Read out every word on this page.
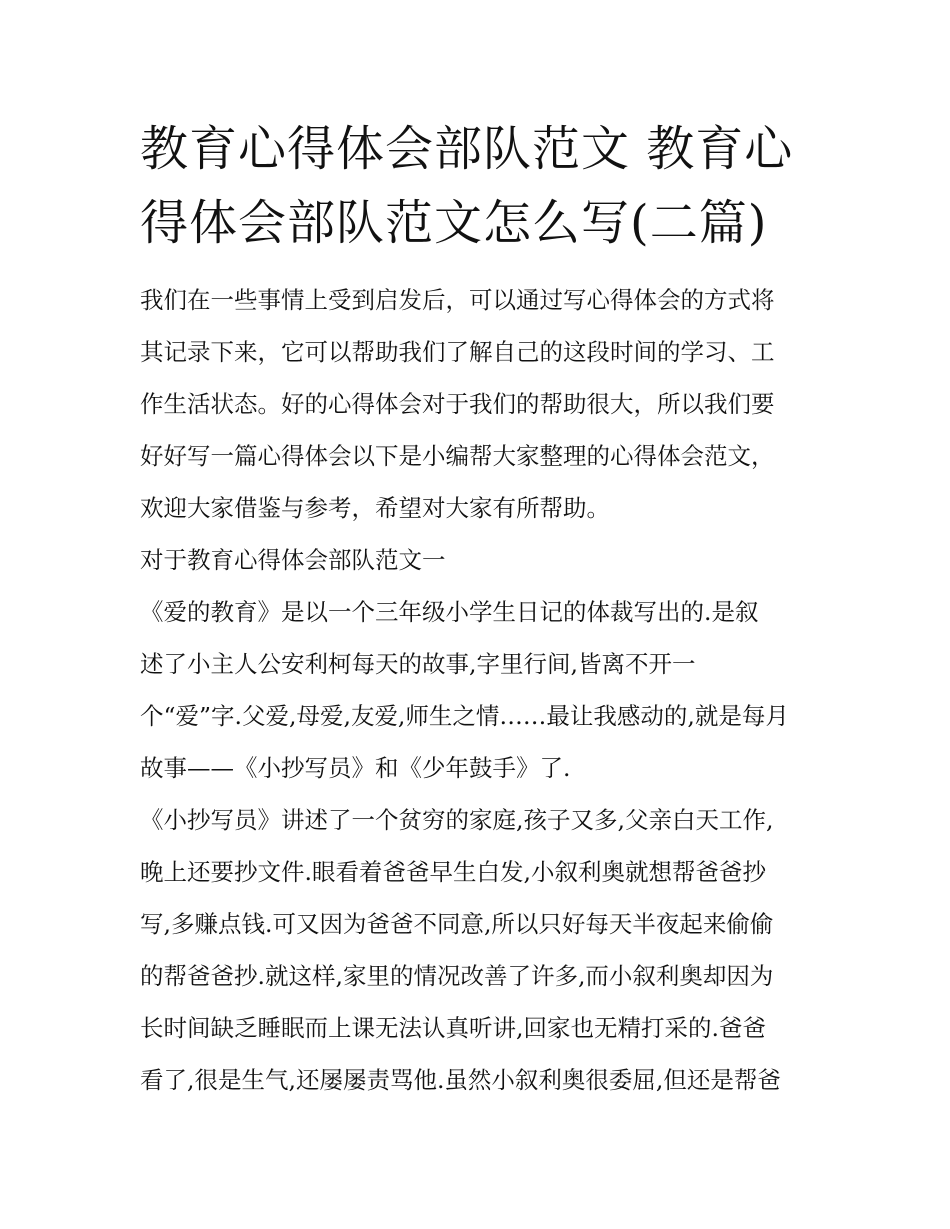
教育心得体会部队范文 教育心
得体会部队范文怎么写(二篇)
我们在一些事情上受到启发后，可以通过写心得体会的方式将
其记录下来，它可以帮助我们了解自己的这段时间的学习、工
作生活状态。好的心得体会对于我们的帮助很大，所以我们要
好好写一篇心得体会以下是小编帮大家整理的心得体会范文，
欢迎大家借鉴与参考，希望对大家有所帮助。
对于教育心得体会部队范文一
《爱的教育》是以一个三年级小学生日记的体裁写出的.是叙
述了小主人公安利柯每天的故事,字里行间,皆离不开一
个“爱”字.父爱,母爱,友爱,师生之情……最让我感动的,就是每月
故事——《小抄写员》和《少年鼓手》了.
《小抄写员》讲述了一个贫穷的家庭,孩子又多,父亲白天工作,
晚上还要抄文件.眼看着爸爸早生白发,小叙利奥就想帮爸爸抄
写,多赚点钱.可又因为爸爸不同意,所以只好每天半夜起来偷偷
的帮爸爸抄.就这样,家里的情况改善了许多,而小叙利奥却因为
长时间缺乏睡眠而上课无法认真听讲,回家也无精打采的.爸爸
看了,很是生气,还屡屡责骂他.虽然小叙利奥很委屈,但还是帮爸
